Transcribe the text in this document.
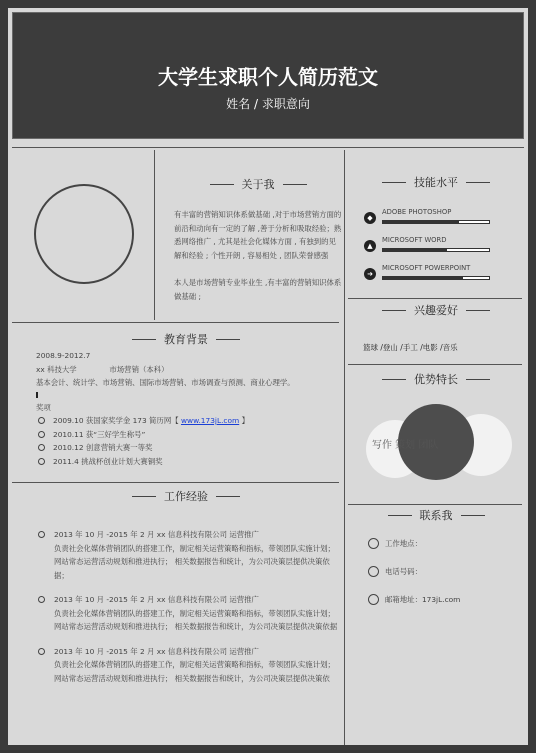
大学生求职个人简历范文
姓名 / 求职意向
关于我
有丰富的营销知识体系做基础 ,对于市场营销方面的前沿和动向有一定的了解 ,善于分析和吸取经验；熟悉网络推广 , 尤其是社会化媒体方面 , 有独到的见解和经验 ; 个性开朗 , 容易相处 , 团队荣誉感强
本人是市场营销专业毕业生 ,有丰富的营销知识体系做基础 ;
教育背景
2008.9-2012.7
xx 科技大学	市场营销（本科）
基本会计、统计学、市场营销、国际市场营销、市场调查与预测、商业心理学。
奖项
2009.10 获国家奖学金 173 简历网【 www.173jL.com 】
2010.11 获“三好学生称号”
2010.12 创意营销大赛一等奖
2011.4 挑战杯创业计划大赛铜奖
工作经验
2013 年 10 月 -2015 年 2 月 xx 信息科技有限公司 运营推广
负责社会化媒体营销团队的搭建工作，制定相关运营策略和指标，带领团队实施计划； 网站常态运营活动规划和推进执行； 相关数据报告和统计，为公司决策层提供决策依据；
2013 年 10 月 -2015 年 2 月 xx 信息科技有限公司 运营推广
负责社会化媒体营销团队的搭建工作，制定相关运营策略和指标，带领团队实施计划； 网站常态运营活动规划和推进执行； 相关数据报告和统计，为公司决策层提供决策依据
2013 年 10 月 -2015 年 2 月 xx 信息科技有限公司 运营推广
负责社会化媒体营销团队的搭建工作，制定相关运营策略和指标，带领团队实施计划；网站常态运营活动规划和推进执行； 相关数据报告和统计，为公司决策层提供决策依
技能水平
◆
ADOBE PHOTOSHOP
▲
MICROSOFT WORD
➜
MICROSOFT POWERPOINT
兴趣爱好
篮球 /登山 /手工 /电影 /音乐
优势特长
写作 策划 团队
联系我
工作地点：
电话号码：
邮箱地址：173jL.com
